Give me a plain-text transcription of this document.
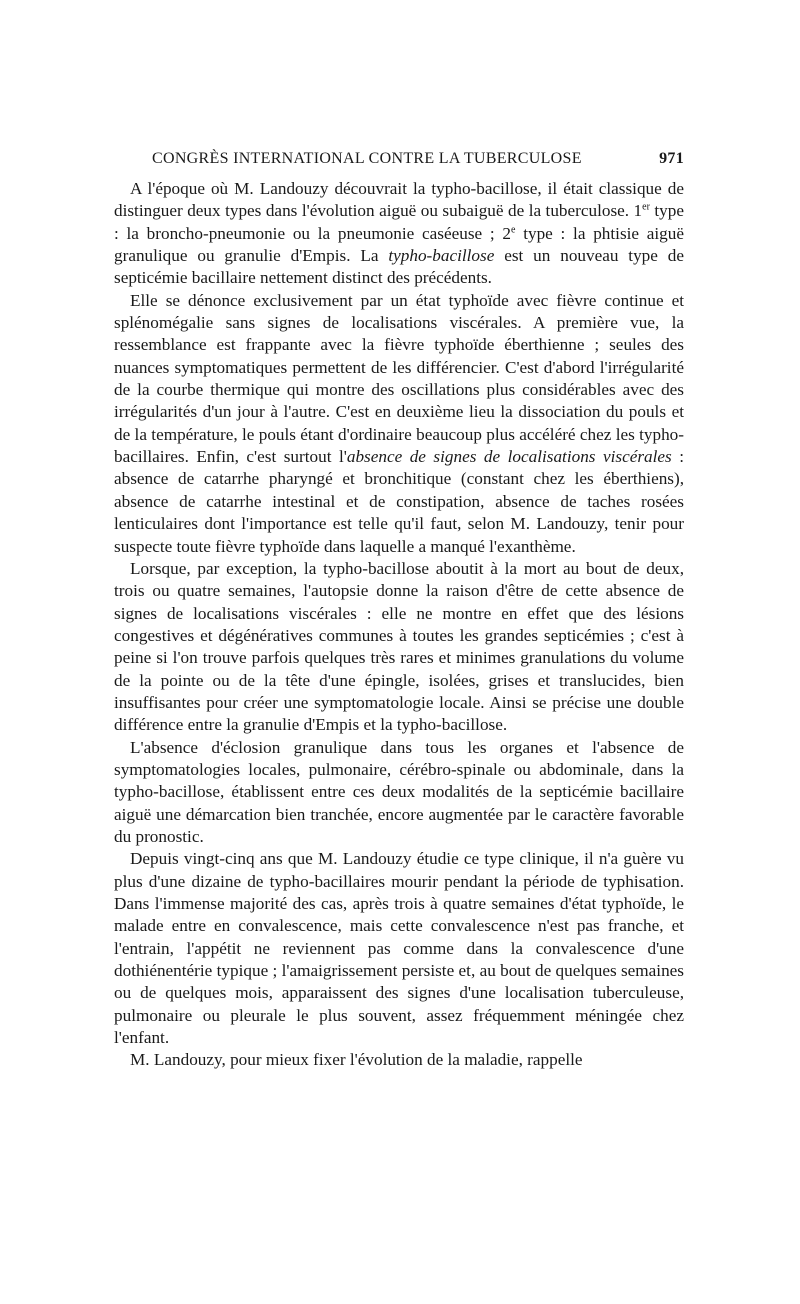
CONGRÈS INTERNATIONAL CONTRE LA TUBERCULOSE	971

A l'époque où M. Landouzy découvrait la typho-bacillose, il était classique de distinguer deux types dans l'évolution aiguë ou subaiguë de la tuberculose. 1er type : la broncho-pneumonie ou la pneumonie caséeuse ; 2e type : la phtisie aiguë granulique ou granulie d'Empis. La typho-bacillose est un nouveau type de septicémie bacillaire nettement distinct des précédents.

Elle se dénonce exclusivement par un état typhoïde avec fièvre continue et splénomégalie sans signes de localisations viscérales. A première vue, la ressemblance est frappante avec la fièvre typhoïde éberthienne ; seules des nuances symptomatiques permettent de les différencier. C'est d'abord l'irrégularité de la courbe thermique qui montre des oscillations plus considérables avec des irrégularités d'un jour à l'autre. C'est en deuxième lieu la dissociation du pouls et de la température, le pouls étant d'ordinaire beaucoup plus accéléré chez les typho-bacillaires. Enfin, c'est surtout l'absence de signes de localisations viscérales : absence de catarrhe pharyngé et bronchitique (constant chez les éberthiens), absence de catarrhe intestinal et de constipation, absence de taches rosées lenticulaires dont l'importance est telle qu'il faut, selon M. Landouzy, tenir pour suspecte toute fièvre typhoïde dans laquelle a manqué l'exanthème.

Lorsque, par exception, la typho-bacillose aboutit à la mort au bout de deux, trois ou quatre semaines, l'autopsie donne la raison d'être de cette absence de signes de localisations viscérales : elle ne montre en effet que des lésions congestives et dégénératives communes à toutes les grandes septicémies ; c'est à peine si l'on trouve parfois quelques très rares et minimes granulations du volume de la pointe ou de la tête d'une épingle, isolées, grises et translucides, bien insuffisantes pour créer une symptomatologie locale. Ainsi se précise une double différence entre la granulie d'Empis et la typho-bacillose.

L'absence d'éclosion granulique dans tous les organes et l'absence de symptomatologies locales, pulmonaire, cérébro-spinale ou abdominale, dans la typho-bacillose, établissent entre ces deux modalités de la septicémie bacillaire aiguë une démarcation bien tranchée, encore augmentée par le caractère favorable du pronostic.

Depuis vingt-cinq ans que M. Landouzy étudie ce type clinique, il n'a guère vu plus d'une dizaine de typho-bacillaires mourir pendant la période de typhisation. Dans l'immense majorité des cas, après trois à quatre semaines d'état typhoïde, le malade entre en convalescence, mais cette convalescence n'est pas franche, et l'entrain, l'appétit ne reviennent pas comme dans la convalescence d'une dothiénentérie typique ; l'amaigrissement persiste et, au bout de quelques semaines ou de quelques mois, apparaissent des signes d'une localisation tuberculeuse, pulmonaire ou pleurale le plus souvent, assez fréquemment méningée chez l'enfant.

M. Landouzy, pour mieux fixer l'évolution de la maladie, rappelle
